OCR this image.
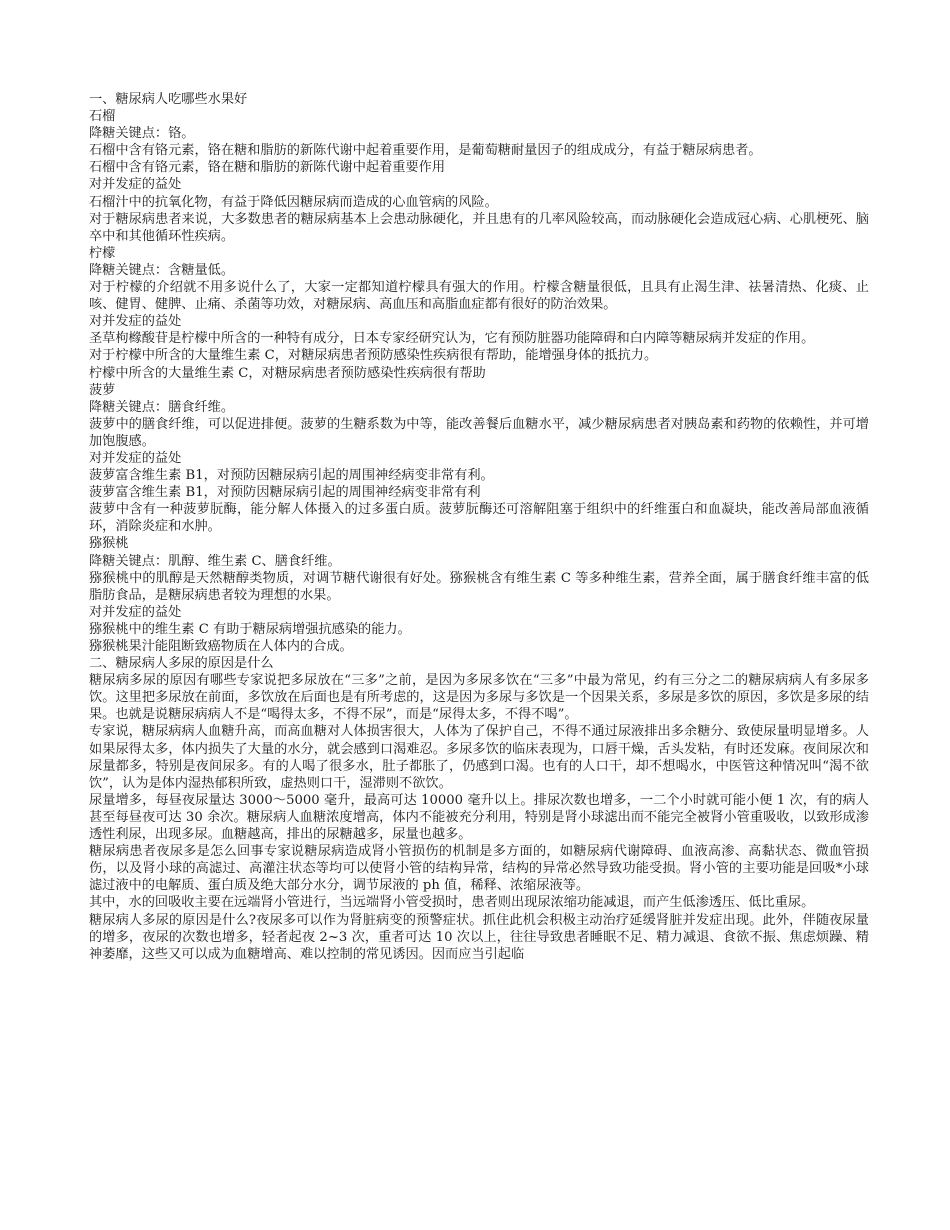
一、糖尿病人吃哪些水果好

石榴

降糖关键点：铬。

石榴中含有铬元素，铬在糖和脂肪的新陈代谢中起着重要作用，是葡萄糖耐量因子的组成成分，有益于糖尿病患者。

石榴中含有铬元素，铬在糖和脂肪的新陈代谢中起着重要作用

对并发症的益处

石榴汁中的抗氧化物，有益于降低因糖尿病而造成的心血管病的风险。

对于糖尿病患者来说，大多数患者的糖尿病基本上会患动脉硬化，并且患有的几率风险较高，而动脉硬化会造成冠心病、心肌梗死、脑卒中和其他循环性疾病。

柠檬

降糖关键点：含糖量低。

对于柠檬的介绍就不用多说什么了，大家一定都知道柠檬具有强大的作用。柠檬含糖量很低，且具有止渴生津、祛暑清热、化痰、止咳、健胃、健脾、止痛、杀菌等功效，对糖尿病、高血压和高脂血症都有很好的防治效果。

对并发症的益处

圣草枸橼酸苷是柠檬中所含的一种特有成分，日本专家经研究认为，它有预防脏器功能障碍和白内障等糖尿病并发症的作用。

对于柠檬中所含的大量维生素 C，对糖尿病患者预防感染性疾病很有帮助，能增强身体的抵抗力。

柠檬中所含的大量维生素 C，对糖尿病患者预防感染性疾病很有帮助

菠萝

降糖关键点：膳食纤维。

菠萝中的膳食纤维，可以促进排便。菠萝的生糖系数为中等，能改善餐后血糖水平，减少糖尿病患者对胰岛素和药物的依赖性，并可增加饱腹感。

对并发症的益处

菠萝富含维生素 B1，对预防因糖尿病引起的周围神经病变非常有利。

菠萝富含维生素 B1，对预防因糖尿病引起的周围神经病变非常有利

菠萝中含有一种菠萝朊酶，能分解人体摄入的过多蛋白质。菠萝朊酶还可溶解阻塞于组织中的纤维蛋白和血凝块，能改善局部血液循环，消除炎症和水肿。

猕猴桃

降糖关键点：肌醇、维生素 C、膳食纤维。

猕猴桃中的肌醇是天然糖醇类物质，对调节糖代谢很有好处。猕猴桃含有维生素 C 等多种维生素，营养全面，属于膳食纤维丰富的低脂肪食品，是糖尿病患者较为理想的水果。

对并发症的益处

猕猴桃中的维生素 C 有助于糖尿病增强抗感染的能力。

猕猴桃果汁能阻断致癌物质在人体内的合成。

二、糖尿病人多尿的原因是什么

糖尿病多尿的原因有哪些专家说把多尿放在“三多”之前，是因为多尿多饮在“三多”中最为常见，约有三分之二的糖尿病病人有多尿多饮。这里把多尿放在前面，多饮放在后面也是有所考虑的，这是因为多尿与多饮是一个因果关系，多尿是多饮的原因，多饮是多尿的结果。也就是说糖尿病病人不是“喝得太多，不得不尿”，而是“尿得太多，不得不喝”。

专家说，糖尿病病人血糖升高，而高血糖对人体损害很大，人体为了保护自己，不得不通过尿液排出多余糖分、致使尿量明显增多。人如果尿得太多，体内损失了大量的水分，就会感到口渴难忍。多尿多饮的临床表现为，口唇干燥，舌头发粘，有时还发麻。夜间尿次和尿量都多，特别是夜间尿多。有的人喝了很多水，肚子都胀了，仍感到口渴。也有的人口干，却不想喝水，中医管这种情况叫“渴不欲饮”，认为是体内湿热郁积所致，虚热则口干，湿滞则不欲饮。

尿量增多，每昼夜尿量达 3000～5000 毫升，最高可达 10000 毫升以上。排尿次数也增多，一二个小时就可能小便 1 次，有的病人甚至每昼夜可达 30 余次。糖尿病人血糖浓度增高，体内不能被充分利用，特别是肾小球滤出而不能完全被肾小管重吸收，以致形成渗透性利尿，出现多尿。血糖越高，排出的尿糖越多，尿量也越多。

糖尿病患者夜尿多是怎么回事专家说糖尿病造成肾小管损伤的机制是多方面的，如糖尿病代谢障碍、血液高渗、高黏状态、微血管损伤，以及肾小球的高滤过、高灌注状态等均可以使肾小管的结构异常，结构的异常必然导致功能受损。肾小管的主要功能是回吸*小球滤过液中的电解质、蛋白质及绝大部分水分，调节尿液的 ph 值，稀释、浓缩尿液等。

其中，水的回吸收主要在远端肾小管进行，当远端肾小管受损时，患者则出现尿浓缩功能减退，而产生低渗透压、低比重尿。

糖尿病人多尿的原因是什么?夜尿多可以作为肾脏病变的预警症状。抓住此机会积极主动治疗延缓肾脏并发症出现。此外，伴随夜尿量的增多，夜尿的次数也增多，轻者起夜 2~3 次，重者可达 10 次以上，往往导致患者睡眠不足、精力减退、食欲不振、焦虑烦躁、精神萎靡，这些又可以成为血糖增高、难以控制的常见诱因。因而应当引起临
